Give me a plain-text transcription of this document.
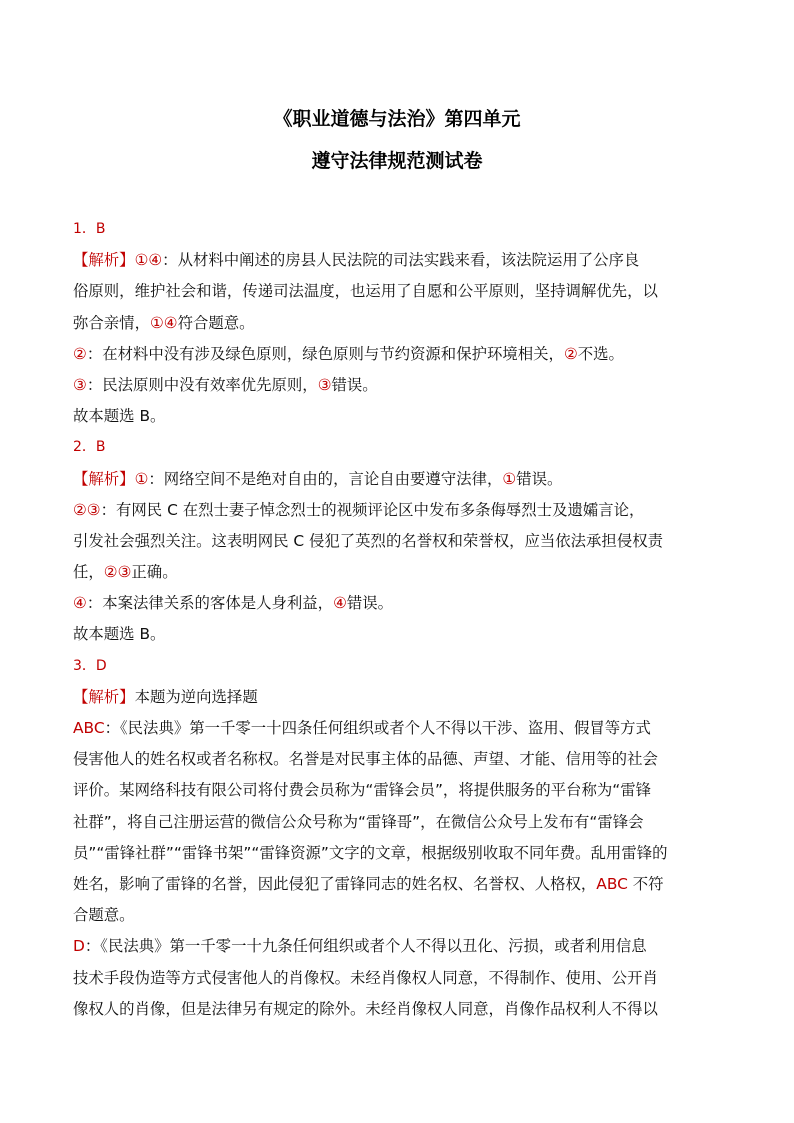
《职业道德与法治》第四单元
遵守法律规范测试卷
1．B
【解析】①④：从材料中阐述的房县人民法院的司法实践来看，该法院运用了公序良
俗原则，维护社会和谐，传递司法温度，也运用了自愿和公平原则，坚持调解优先，以
弥合亲情，①④符合题意。
②：在材料中没有涉及绿色原则，绿色原则与节约资源和保护环境相关，②不选。
③：民法原则中没有效率优先原则，③错误。
故本题选 B。
2．B
【解析】①：网络空间不是绝对自由的，言论自由要遵守法律，①错误。
②③：有网民 C 在烈士妻子悼念烈士的视频评论区中发布多条侮辱烈士及遗孀言论，
引发社会强烈关注。这表明网民 C 侵犯了英烈的名誉权和荣誉权，应当依法承担侵权责
任，②③正确。
④：本案法律关系的客体是人身利益，④错误。
故本题选 B。
3．D
【解析】本题为逆向选择题
ABC：《民法典》第一千零一十四条任何组织或者个人不得以干涉、盗用、假冒等方式
侵害他人的姓名权或者名称权。名誉是对民事主体的品德、声望、才能、信用等的社会
评价。某网络科技有限公司将付费会员称为“雷锋会员”，将提供服务的平台称为“雷锋
社群”，将自己注册运营的微信公众号称为“雷锋哥”，在微信公众号上发布有“雷锋会
员”“雷锋社群”“雷锋书架”“雷锋资源”文字的文章，根据级别收取不同年费。乱用雷锋的
姓名，影响了雷锋的名誉，因此侵犯了雷锋同志的姓名权、名誉权、人格权，ABC 不符
合题意。
D：《民法典》第一千零一十九条任何组织或者个人不得以丑化、污损，或者利用信息
技术手段伪造等方式侵害他人的肖像权。未经肖像权人同意，不得制作、使用、公开肖
像权人的肖像，但是法律另有规定的除外。未经肖像权人同意，肖像作品权利人不得以
